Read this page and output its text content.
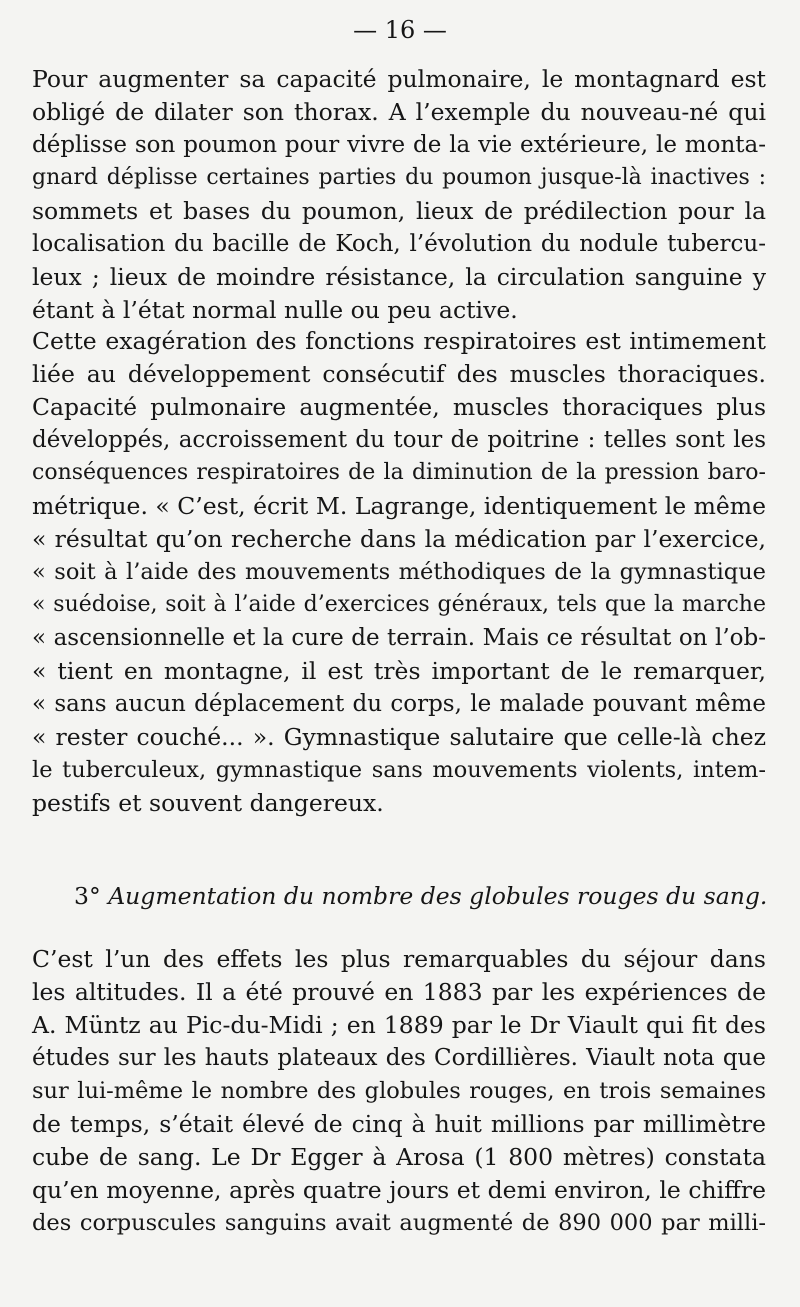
— 16 —
Pour augmenter sa capacité pulmonaire, le montagnard est
obligé de dilater son thorax. A l’exemple du nouveau-né qui
déplisse son poumon pour vivre de la vie extérieure, le monta-
gnard déplisse certaines parties du poumon jusque-là inactives :
sommets et bases du poumon, lieux de prédilection pour la
localisation du bacille de Koch, l’évolution du nodule tubercu-
leux ; lieux de moindre résistance, la circulation sanguine y
étant à l’état normal nulle ou peu active.
Cette exagération des fonctions respiratoires est intimement
liée au développement consécutif des muscles thoraciques.
Capacité pulmonaire augmentée, muscles thoraciques plus
développés, accroissement du tour de poitrine : telles sont les
conséquences respiratoires de la diminution de la pression baro-
métrique. « C’est, écrit M. Lagrange, identiquement le même
« résultat qu’on recherche dans la médication par l’exercice,
« soit à l’aide des mouvements méthodiques de la gymnastique
« suédoise, soit à l’aide d’exercices généraux, tels que la marche
« ascensionnelle et la cure de terrain. Mais ce résultat on l’ob-
« tient en montagne, il est très important de le remarquer,
« sans aucun déplacement du corps, le malade pouvant même
« rester couché... ». Gymnastique salutaire que celle-là chez
le tuberculeux, gymnastique sans mouvements violents, intem-
pestifs et souvent dangereux.
3° Augmentation du nombre des globules rouges du sang.
C’est l’un des effets les plus remarquables du séjour dans
les altitudes. Il a été prouvé en 1883 par les expériences de
A. Müntz au Pic-du-Midi ; en 1889 par le Dr Viault qui fit des
études sur les hauts plateaux des Cordillières. Viault nota que
sur lui-même le nombre des globules rouges, en trois semaines
de temps, s’était élevé de cinq à huit millions par millimètre
cube de sang. Le Dr Egger à Arosa (1 800 mètres) constata
qu’en moyenne, après quatre jours et demi environ, le chiffre
des corpuscules sanguins avait augmenté de 890 000 par milli-
